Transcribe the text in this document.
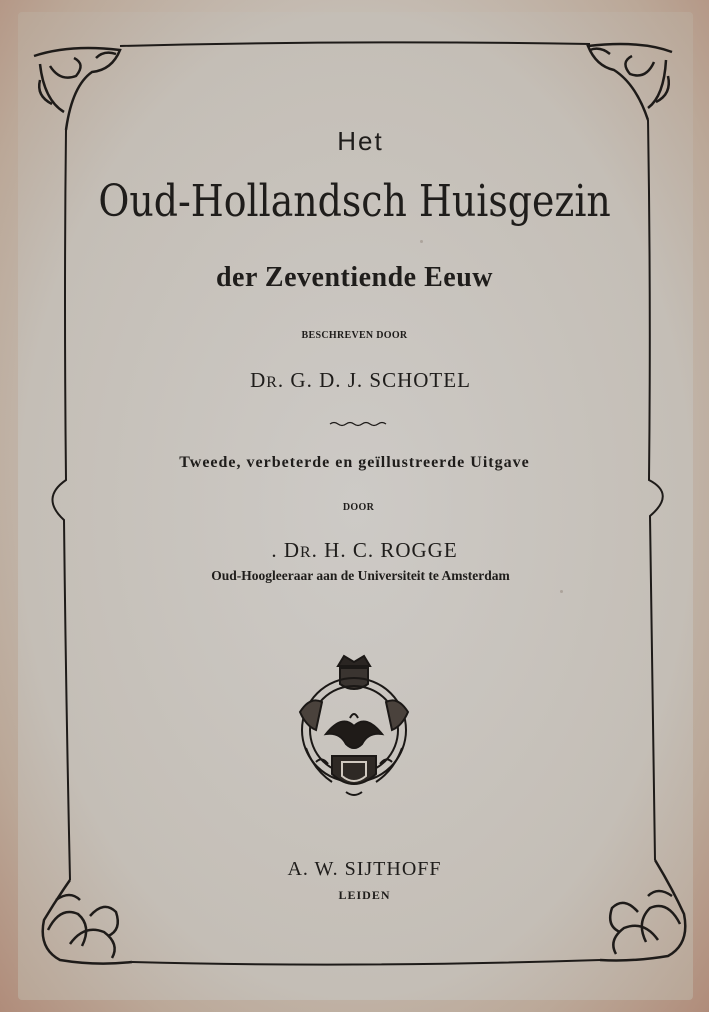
Het
Oud-Hollandsch Huisgezin
der Zeventiende Eeuw
BESCHREVEN DOOR
DR. G. D. J. SCHOTEL
Tweede, verbeterde en geïllustreerde Uitgave
DOOR
. DR. H. C. ROGGE
Oud-Hoogleeraar aan de Universiteit te Amsterdam
A. W. SIJTHOFF
LEIDEN
